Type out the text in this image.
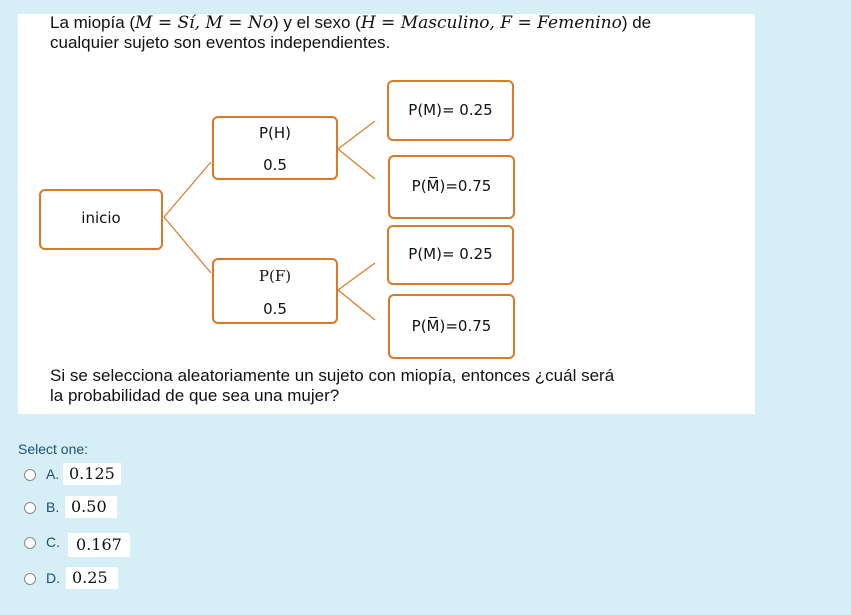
La miopía (M = Sí, M = No) y el sexo (H = Masculino, F = Femenino) de
cualquier sujeto son eventos independientes.
inicio
P(H)
0.5
P(F)
0.5
P(M)= 0.25
P(M̅)=0.75
P(M)= 0.25
P(M̅)=0.75
Si se selecciona aleatoriamente un sujeto con miopía, entonces ¿cuál será
la probabilidad de que sea una mujer?
Select one:
A. 0.125
B. 0.50
C.	0.167
D. 0.25
